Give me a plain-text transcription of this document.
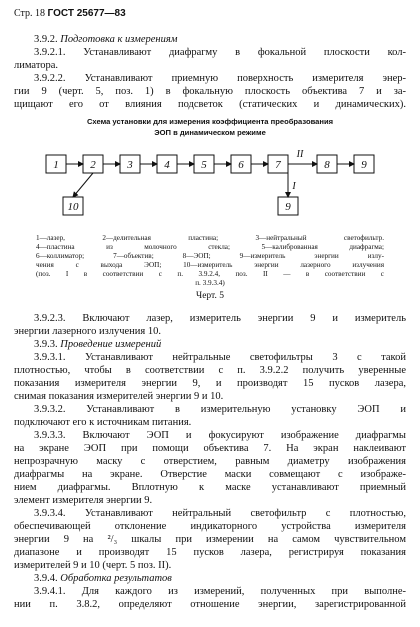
Стр. 18 ГОСТ 25677—83
3.9.2. Подготовка к измерениям
3.9.2.1. Устанавливают диафрагму в фокальной плоскости кол-
лиматора.
3.9.2.2. Устанавливают приемную поверхность измерителя энер-
гии 9 (черт. 5, поз. 1) в фокальную плоскость объектива 7 и за-
щищают его от влияния подсветок (статических и динамических).
Схема установки для измерения коэффициента преобразования
ЭОП в динамическом режиме
1	2	3	4	5	6	7	8	9
10	9
II
I
1—лазер, 2—делительная пластина; 3—нейтральный светофильтр.
4—пластина из молочного стекла; 5—калиброванная диафрагма;
6—коллиматор; 7—объектив; 8—ЭОП; 9—измеритель энергии излу-
чения с выхода ЭОП; 10—измеритель энергии лазерного излучения
(поз. I в соответствии с п. 3.9.2.4, поз. II — в соответствии с
п. 3.9.3.4)
Черт. 5
3.9.2.3. Включают лазер, измеритель энергии 9 и измеритель
энергии лазерного излучения 10.
3.9.3. Проведение измерений
3.9.3.1. Устанавливают нейтральные светофильтры 3 с такой
плотностью, чтобы в соответствии с п. 3.9.2.2 получить уверенные
показания измерителя энергии 9, и производят 15 пусков лазера,
снимая показания измерителей энергии 9 и 10.
3.9.3.2. Устанавливают в измерительную установку ЭОП и
подключают его к источникам питания.
3.9.3.3. Включают ЭОП и фокусируют изображение диафрагмы
на экране ЭОП при помощи объектива 7. На экран наклеивают
непрозрачную маску с отверстием, равным диаметру изображения
диафрагмы на экране. Отверстие маски совмещают с изображе-
нием диафрагмы. Вплотную к маске устанавливают приемный
элемент измерителя энергии 9.
3.9.3.4. Устанавливают нейтральный светофильтр с плотностью,
обеспечивающей отклонение индикаторного устройства измерителя
энергии 9 на ²/₃ шкалы при измерении на самом чувствительном
диапазоне и производят 15 пусков лазера, регистрируя показания
измерителей 9 и 10 (черт. 5 поз. II).
3.9.4. Обработка результатов
3.9.4.1. Для каждого из измерений, полученных при выполне-
нии п. 3.8.2, определяют отношение энергии, зарегистрированной
